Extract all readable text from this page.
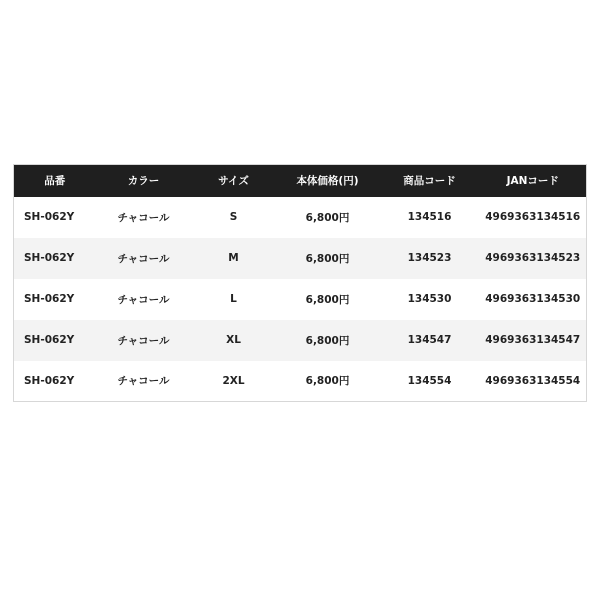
品番	カラー	サイズ	本体価格(円)	商品コード	JANコード
SH-062Y	チャコール	S	6,800円	134516	4969363134516
SH-062Y	チャコール	M	6,800円	134523	4969363134523
SH-062Y	チャコール	L	6,800円	134530	4969363134530
SH-062Y	チャコール	XL	6,800円	134547	4969363134547
SH-062Y	チャコール	2XL	6,800円	134554	4969363134554
